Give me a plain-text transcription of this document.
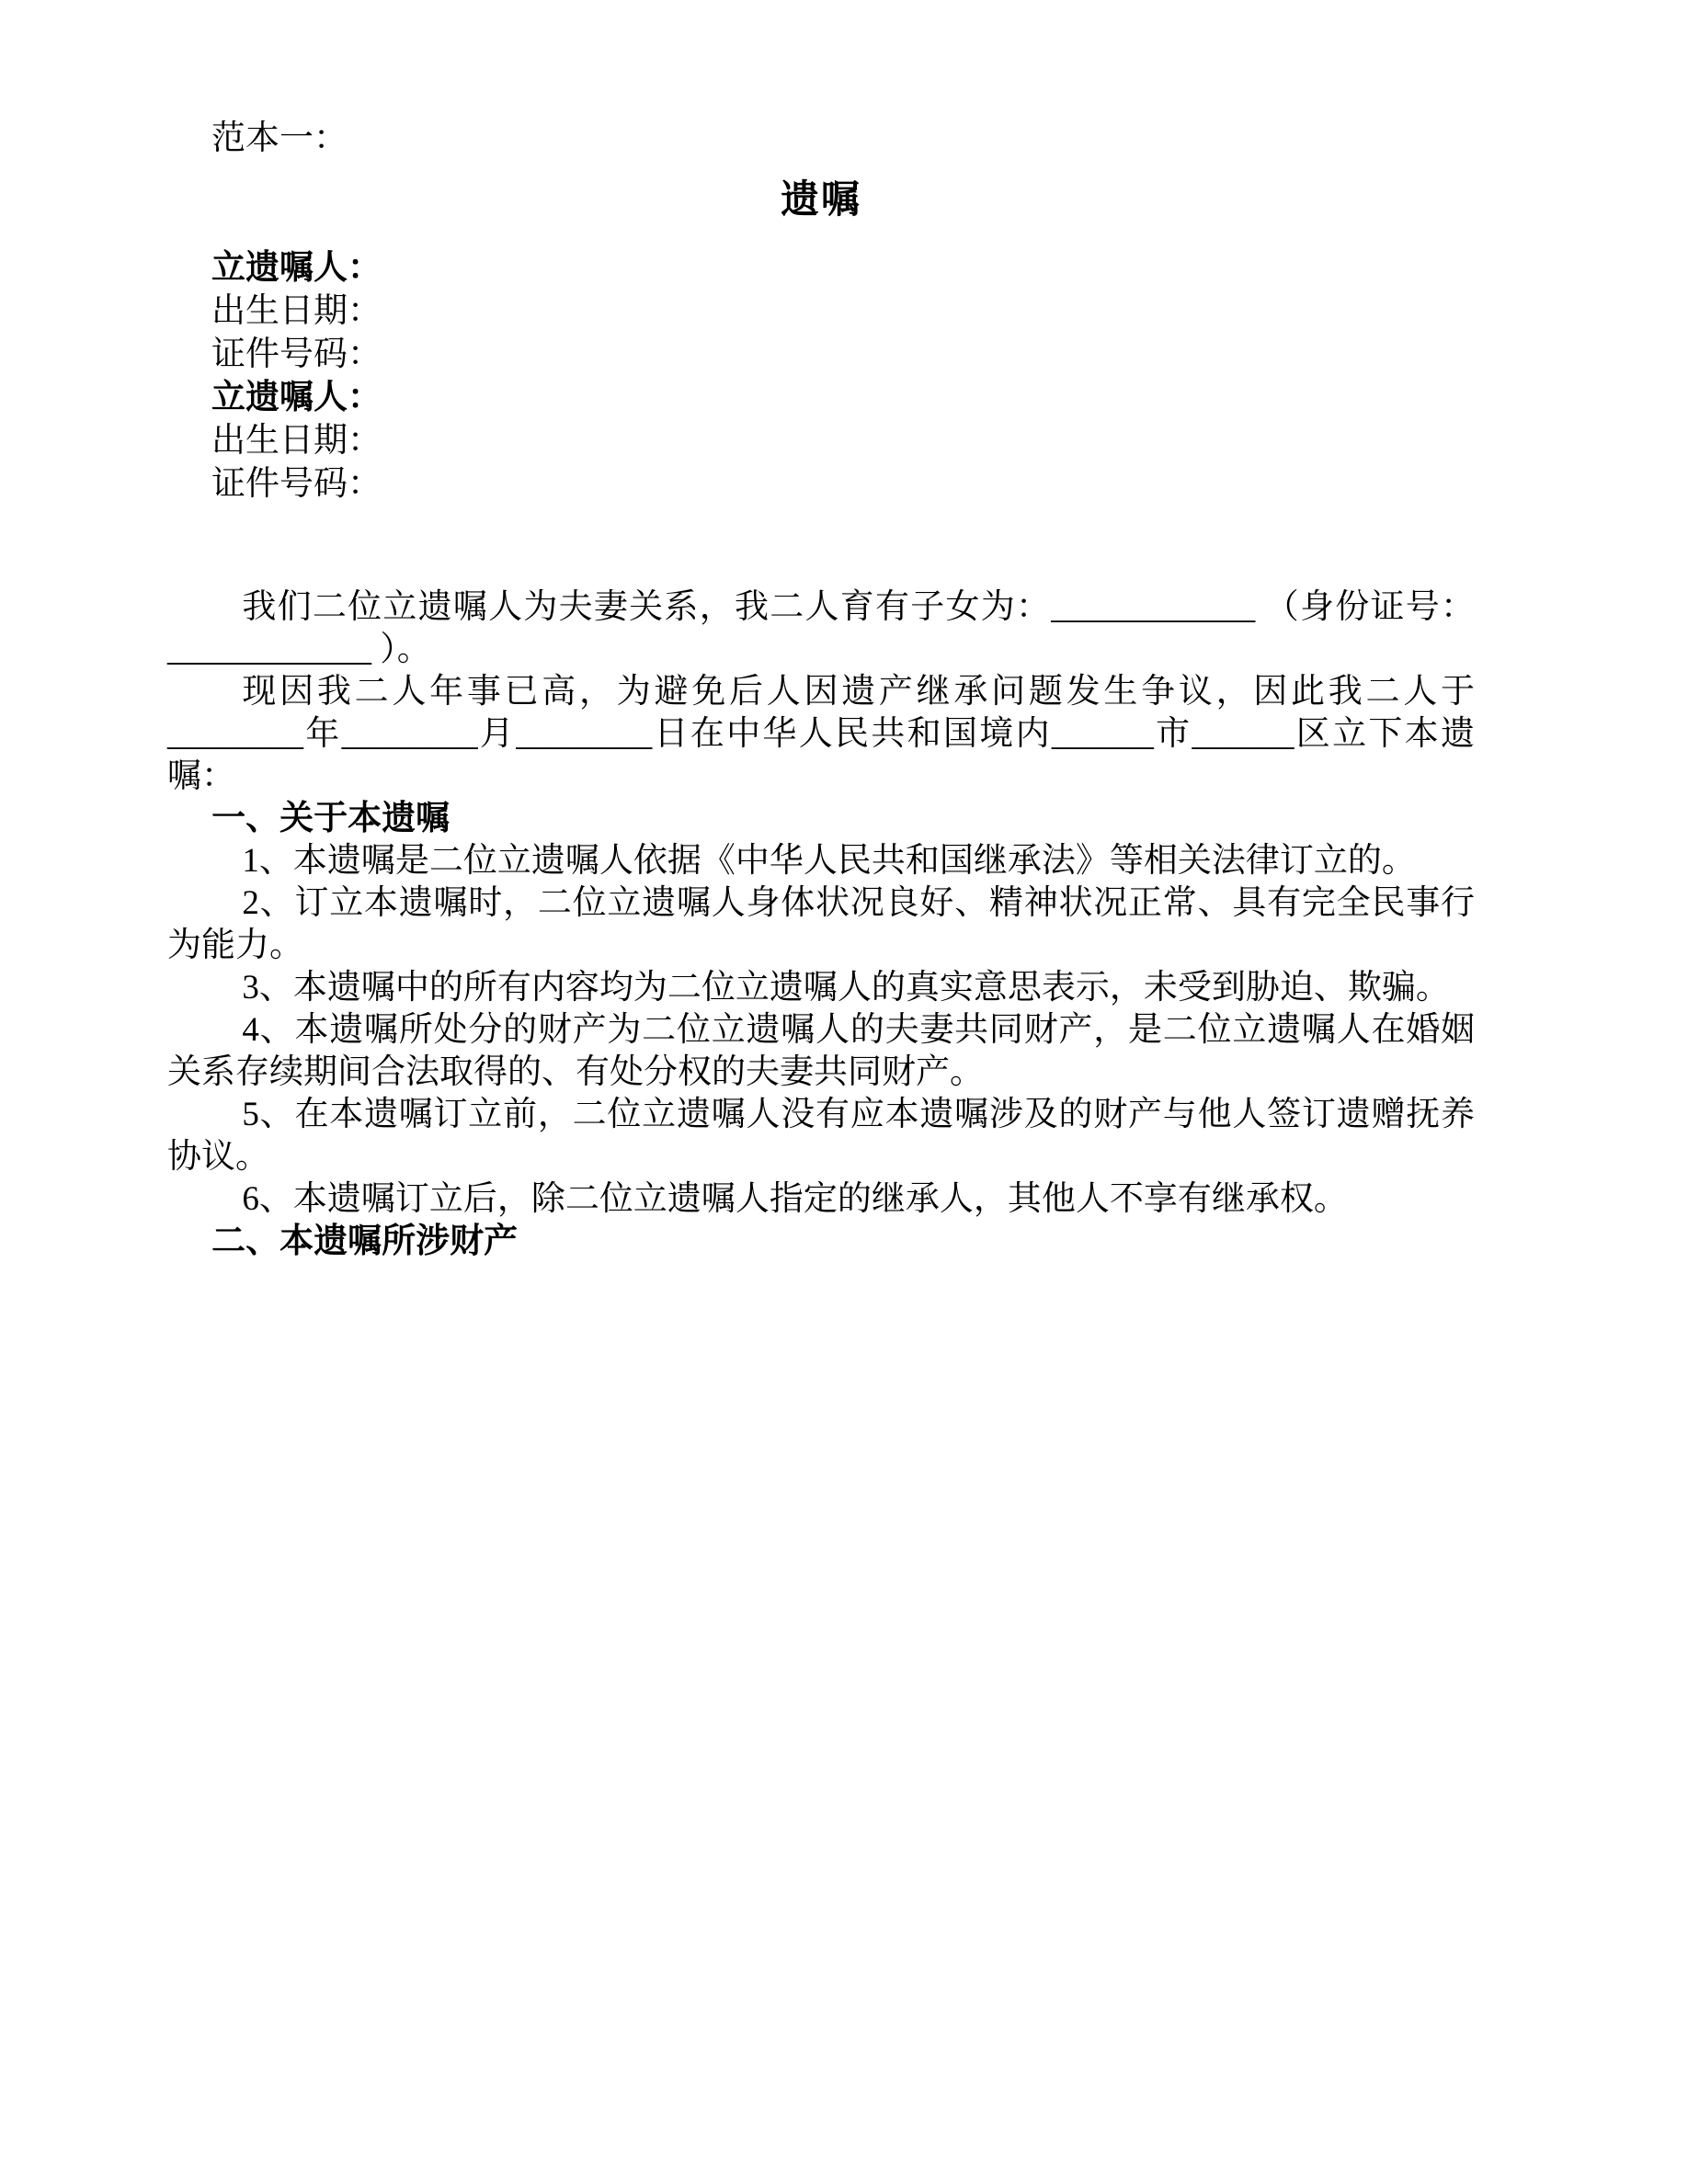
范本一：
遗嘱
立遗嘱人：
出生日期：
证件号码：
立遗嘱人：
出生日期：
证件号码：

我们二位立遗嘱人为夫妻关系，我二人育有子女为：____________ （身份证号： ____________ ）。

现因我二人年事已高，为避免后人因遗产继承问题发生争议，因此我二人于________年________月________日在中华人民共和国境内______市______区立下本遗嘱：

一、关于本遗嘱

1、本遗嘱是二位立遗嘱人依据《中华人民共和国继承法》等相关法律订立的。

2、订立本遗嘱时，二位立遗嘱人身体状况良好、精神状况正常、具有完全民事行为能力。

3、本遗嘱中的所有内容均为二位立遗嘱人的真实意思表示，未受到胁迫、欺骗。

4、本遗嘱所处分的财产为二位立遗嘱人的夫妻共同财产，是二位立遗嘱人在婚姻关系存续期间合法取得的、有处分权的夫妻共同财产。

5、在本遗嘱订立前，二位立遗嘱人没有应本遗嘱涉及的财产与他人签订遗赠抚养协议。

6、本遗嘱订立后，除二位立遗嘱人指定的继承人，其他人不享有继承权。

二、本遗嘱所涉财产
